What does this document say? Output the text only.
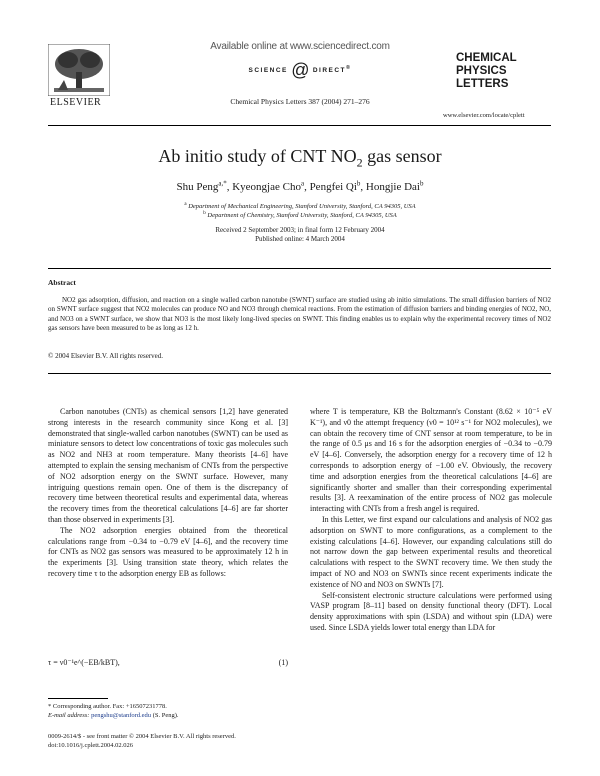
ELSEVIER
Available online at www.sciencedirect.com
SCIENCE @ DIRECT®
Chemical Physics Letters 387 (2004) 271–276
CHEMICAL
PHYSICS
LETTERS
www.elsevier.com/locate/cplett
Ab initio study of CNT $NO_2$ gas sensor
Shu Peng$^{a,*}$, Kyeongjae Cho$^a$, Pengfei Qi$^b$, Hongjie Dai$^b$
$^a$ Department of Mechanical Engineering, Stanford University, Stanford, CA 94305, USA
$^b$ Department of Chemistry, Stanford University, Stanford, CA 94305, USA
Received 2 September 2003; in final form 12 February 2004
Published online: 4 March 2004
Abstract
NO2 gas adsorption, diffusion, and reaction on a single walled carbon nanotube (SWNT) surface are studied using ab initio simulations. The small diffusion barriers of NO2 on SWNT surface suggest that NO2 molecules can produce NO and NO3 through chemical reactions. From the estimation of diffusion barriers and binding energies of NO2, NO, and NO3 on a SWNT surface, we show that NO3 is the most likely long-lived species on SWNT. This finding enables us to explain why the experimental recovery times of NO2 gas sensors have been measured to be as long as 12 h.
© 2004 Elsevier B.V. All rights reserved.

Carbon nanotubes (CNTs) as chemical sensors [1,2] have generated strong interests in the research community since Kong et al. [3] demonstrated that single-walled carbon nanotubes (SWNT) can be used as miniature sensors to detect low concentrations of toxic gas molecules such as NO2 and NH3 at room temperature. Many theorists [4–6] have attempted to explain the sensing mechanism of CNTs from the perspective of NO2 adsorption energy on the SWNT surface. However, many intriguing questions remain open. One of them is the discrepancy of recovery time between theoretical results and experimental data, whereas the recovery times from the theoretical calculations [4–6] are far shorter than those observed in experiments [3].

The NO2 adsorption energies obtained from the theoretical calculations range from −0.34 to −0.79 eV [4–6], and the recovery time for CNTs as NO2 gas sensors was measured to be approximately 12 h in the experiments [3]. Using transition state theory, which relates the recovery time τ to the adsorption energy EB as follows:

τ = ν0⁻¹e^(−EB/kBT),	(1)

where T is temperature, KB the Boltzmann's Constant (8.62 × 10⁻⁵ eV K⁻¹), and ν0 the attempt frequency (ν0 = 10¹² s⁻¹ for NO2 molecules), we can obtain the recovery time of CNT sensor at room temperature, to be in the range of 0.5 μs and 16 s for the adsorption energies of −0.34 to −0.79 eV [4–6]. Conversely, the adsorption energy for a recovery time of 12 h corresponds to adsorption energy of −1.00 eV. Obviously, the recovery time and adsorption energies from the theoretical calculations [4–6] are significantly shorter and smaller than their corresponding experimental results [3]. A reexamination of the entire process of NO2 gas molecule interacting with CNTs from a fresh angel is required.

In this Letter, we first expand our calculations and analysis of NO2 gas adsorption on SWNT to more configurations, as a complement to the existing calculations [4–6]. However, our expanding calculations still do not narrow down the gap between experimental results and theoretical calculations with respect to the SWNT recovery time. We then study the impact of NO and NO3 on SWNTs since recent experiments indicate the existence of NO and NO3 on SWNTs [7].

Self-consistent electronic structure calculations were performed using VASP program [8–11] based on density functional theory (DFT). Local density approximations with spin (LSDA) and without spin (LDA) were used. Since LSDA yields lower total energy than LDA for

* Corresponding author. Fax: +16507231778.
E-mail address: pengshu@stanford.edu (S. Peng).
0009-2614/$ - see front matter © 2004 Elsevier B.V. All rights reserved.
doi:10.1016/j.cplett.2004.02.026
